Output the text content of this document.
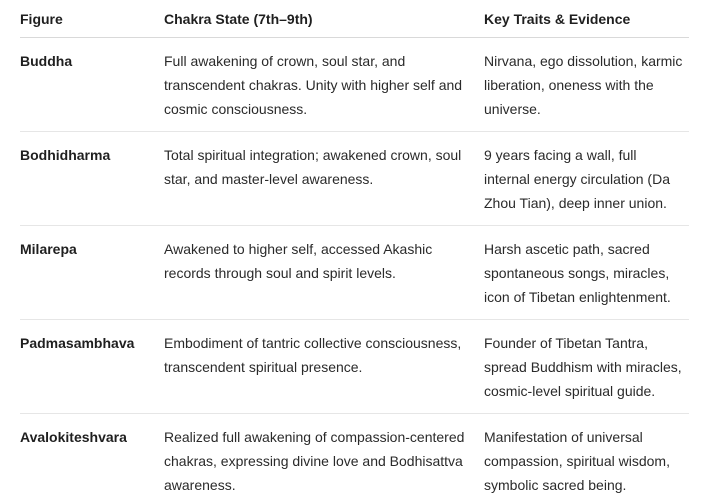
Figure	Chakra State (7th–9th)	Key Traits & Evidence

Buddha	Full awakening of crown, soul star, and transcendent chakras. Unity with higher self and cosmic consciousness.	Nirvana, ego dissolution, karmic liberation, oneness with the universe.

Bodhidharma	Total spiritual integration; awakened crown, soul star, and master-level awareness.	9 years facing a wall, full internal energy circulation (Da Zhou Tian), deep inner union.

Milarepa	Awakened to higher self, accessed Akashic records through soul and spirit levels.	Harsh ascetic path, sacred spontaneous songs, miracles, icon of Tibetan enlightenment.

Padmasambhava	Embodiment of tantric collective consciousness, transcendent spiritual presence.	Founder of Tibetan Tantra, spread Buddhism with miracles, cosmic-level spiritual guide.

Avalokiteshvara	Realized full awakening of compassion-centered chakras, expressing divine love and Bodhisattva awareness.	Manifestation of universal compassion, spiritual wisdom, symbolic sacred being.
